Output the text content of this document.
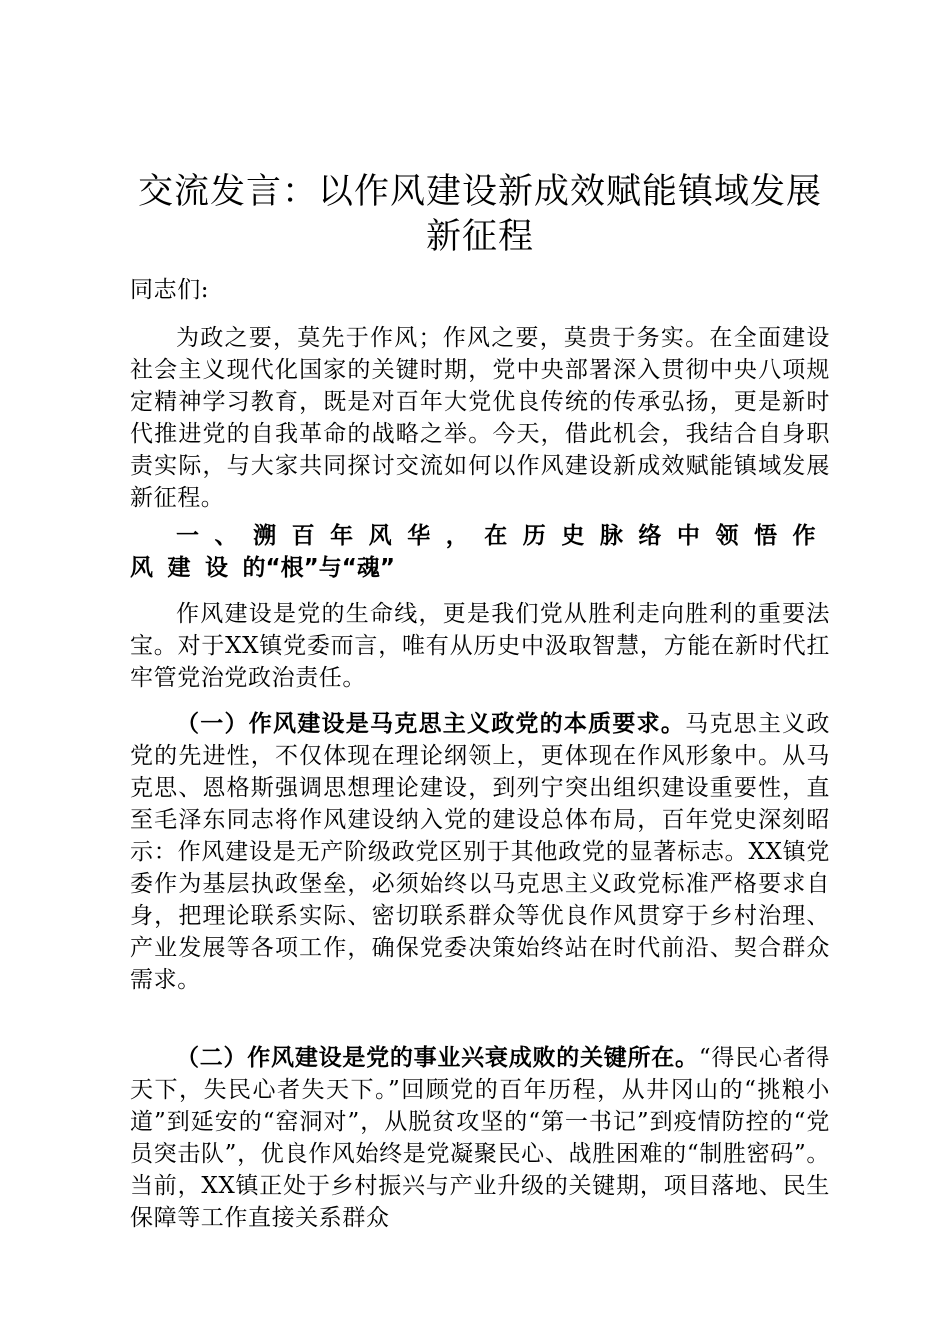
交流发言：以作风建设新成效赋能镇域发展新征程

同志们:

为政之要，莫先于作风；作风之要，莫贵于务实。在全面建设社会主义现代化国家的关键时期，党中央部署深入贯彻中央八项规定精神学习教育，既是对百年大党优良传统的传承弘扬，更是新时代推进党的自我革命的战略之举。今天，借此机会，我结合自身职责实际，与大家共同探讨交流如何以作风建设新成效赋能镇域发展新征程。

一、溯百年风华，在历史脉络中领悟作风建设的“根”与“魂”

作风建设是党的生命线，更是我们党从胜利走向胜利的重要法宝。对于XX镇党委而言，唯有从历史中汲取智慧，方能在新时代扛牢管党治党政治责任。

（一）作风建设是马克思主义政党的本质要求。马克思主义政党的先进性，不仅体现在理论纲领上，更体现在作风形象中。从马克思、恩格斯强调思想理论建设，到列宁突出组织建设重要性，直至毛泽东同志将作风建设纳入党的建设总体布局，百年党史深刻昭示：作风建设是无产阶级政党区别于其他政党的显著标志。XX镇党委作为基层执政堡垒，必须始终以马克思主义政党标准严格要求自身，把理论联系实际、密切联系群众等优良作风贯穿于乡村治理、产业发展等各项工作，确保党委决策始终站在时代前沿、契合群众需求。

（二）作风建设是党的事业兴衰成败的关键所在。“得民心者得天下，失民心者失天下。”回顾党的百年历程，从井冈山的“挑粮小道”到延安的“窑洞对”，从脱贫攻坚的“第一书记”到疫情防控的“党员突击队”，优良作风始终是党凝聚民心、战胜困难的“制胜密码”。当前，XX镇正处于乡村振兴与产业升级的关键期，项目落地、民生保障等工作直接关系群众
